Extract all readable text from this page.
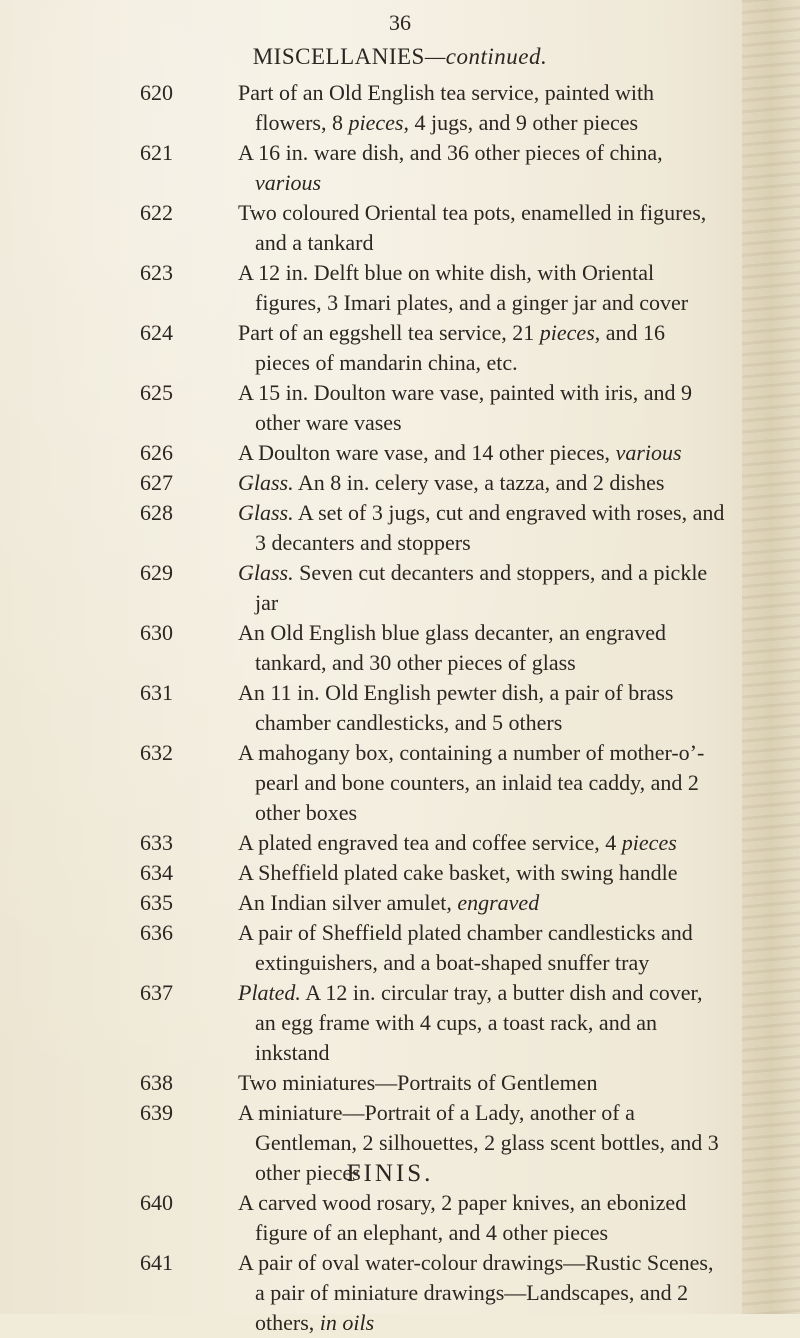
36
MISCELLANIES—continued.
620	Part of an Old English tea service, painted with flowers, 8 pieces, 4 jugs, and 9 other pieces
621	A 16 in. ware dish, and 36 other pieces of china, various
622	Two coloured Oriental tea pots, enamelled in figures, and a tankard
623	A 12 in. Delft blue on white dish, with Oriental figures, 3 Imari plates, and a ginger jar and cover
624	Part of an eggshell tea service, 21 pieces, and 16 pieces of mandarin china, etc.
625	A 15 in. Doulton ware vase, painted with iris, and 9 other ware vases
626	A Doulton ware vase, and 14 other pieces, various
627	Glass. An 8 in. celery vase, a tazza, and 2 dishes
628	Glass. A set of 3 jugs, cut and engraved with roses, and 3 decanters and stoppers
629	Glass. Seven cut decanters and stoppers, and a pickle jar
630	An Old English blue glass decanter, an engraved tankard, and 30 other pieces of glass
631	An 11 in. Old English pewter dish, a pair of brass chamber candlesticks, and 5 others
632	A mahogany box, containing a number of mother-o’-pearl and bone counters, an inlaid tea caddy, and 2 other boxes
633	A plated engraved tea and coffee service, 4 pieces
634	A Sheffield plated cake basket, with swing handle
635	An Indian silver amulet, engraved
636	A pair of Sheffield plated chamber candlesticks and extinguishers, and a boat-shaped snuffer tray
637	Plated. A 12 in. circular tray, a butter dish and cover, an egg frame with 4 cups, a toast rack, and an inkstand
638	Two miniatures—Portraits of Gentlemen
639	A miniature—Portrait of a Lady, another of a Gentleman, 2 silhouettes, 2 glass scent bottles, and 3 other pieces
640	A carved wood rosary, 2 paper knives, an ebonized figure of an elephant, and 4 other pieces
641	A pair of oval water-colour drawings—Rustic Scenes, a pair of miniature drawings—Landscapes, and 2 others, in oils
FINIS.
